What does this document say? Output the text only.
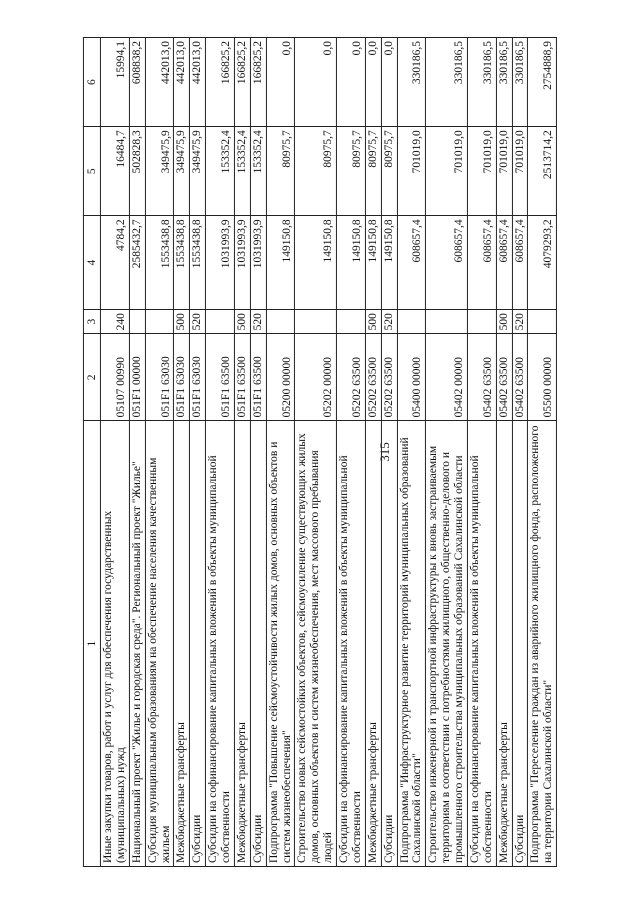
315
1	2	3	4	5	6
Иные закупки товаров, работ и услуг для обеспечения государственных (муниципальных) нужд	05107 00990	240	4784,2	16484,7	15994,1
Национальный проект "Жилье и городская среда". Региональный проект "Жилье"	051F1 00000		2585432,7	502828,3	608838,2
Субсидия муниципальным образованиям на обеспечение населения качественным жильем	051F1 63030		1553438,8	349475,9	442013,0
Межбюджетные трансферты	051F1 63030	500	1553438,8	349475,9	442013,0
Субсидии	051F1 63030	520	1553438,8	349475,9	442013,0
Субсидии на софинансирование капитальных вложений в объекты муниципальной собственности	051F1 63500		1031993,9	153352,4	166825,2
Межбюджетные трансферты	051F1 63500	500	1031993,9	153352,4	166825,2
Субсидии	051F1 63500	520	1031993,9	153352,4	166825,2
Подпрограмма "Повышение сейсмоустойчивости жилых домов, основных объектов и систем жизнеобеспечения"	05200 00000		149150,8	80975,7	0,0
Строительство новых сейсмостойких объектов, сейсмоусиление существующих жилых домов, основных объектов и систем жизнеобеспечения, мест массового пребывания людей	05202 00000		149150,8	80975,7	0,0
Субсидии на софинансирование капитальных вложений в объекты муниципальной собственности	05202 63500		149150,8	80975,7	0,0
Межбюджетные трансферты	05202 63500	500	149150,8	80975,7	0,0
Субсидии	05202 63500	520	149150,8	80975,7	0,0
Подпрограмма "Инфраструктурное развитие территорий муниципальных образований Сахалинской области"	05400 00000		608657,4	701019,0	330186,5
Строительство инженерной и транспортной инфраструктуры к вновь застраиваемым территориям в соответствии с потребностями жилищного, общественно-делового и промышленного строительства муниципальных образований Сахалинской области	05402 00000		608657,4	701019,0	330186,5
Субсидии на софинансирование капитальных вложений в объекты муниципальной собственности	05402 63500		608657,4	701019,0	330186,5
Межбюджетные трансферты	05402 63500	500	608657,4	701019,0	330186,5
Субсидии	05402 63500	520	608657,4	701019,0	330186,5
Подпрограмма "Переселение граждан из аварийного жилищного фонда, расположенного на территории Сахалинской области"	05500 00000		4079293,2	2513714,2	2754888,9
